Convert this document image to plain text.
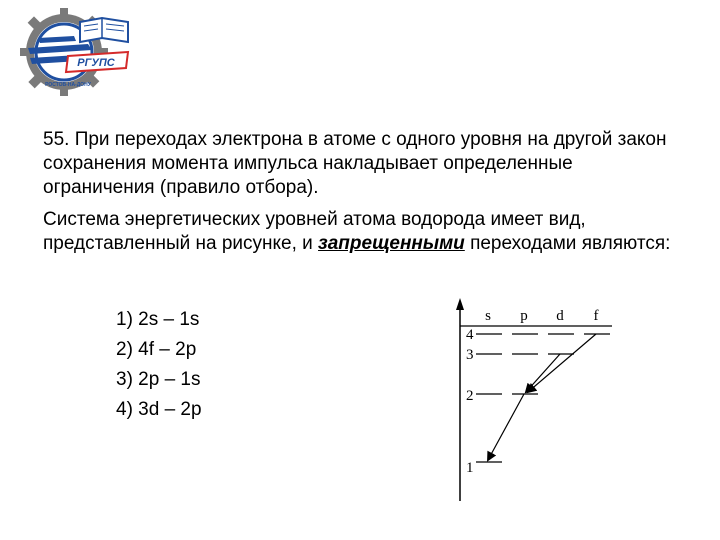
РГУПС
РОСТОВ-НА-ДОНУ

55. При переходах электрона в атоме с одного уровня на другой закон сохранения момента импульса накладывает определенные ограничения (правило отбора).

Система энергетических уровней атома водорода имеет вид, представленный на рисунке, и запрещенными переходами являются:

1) 2s – 1s
2) 4f – 2p
3) 2p – 1s
4) 3d – 2p
s p d f
4
3
2
1
